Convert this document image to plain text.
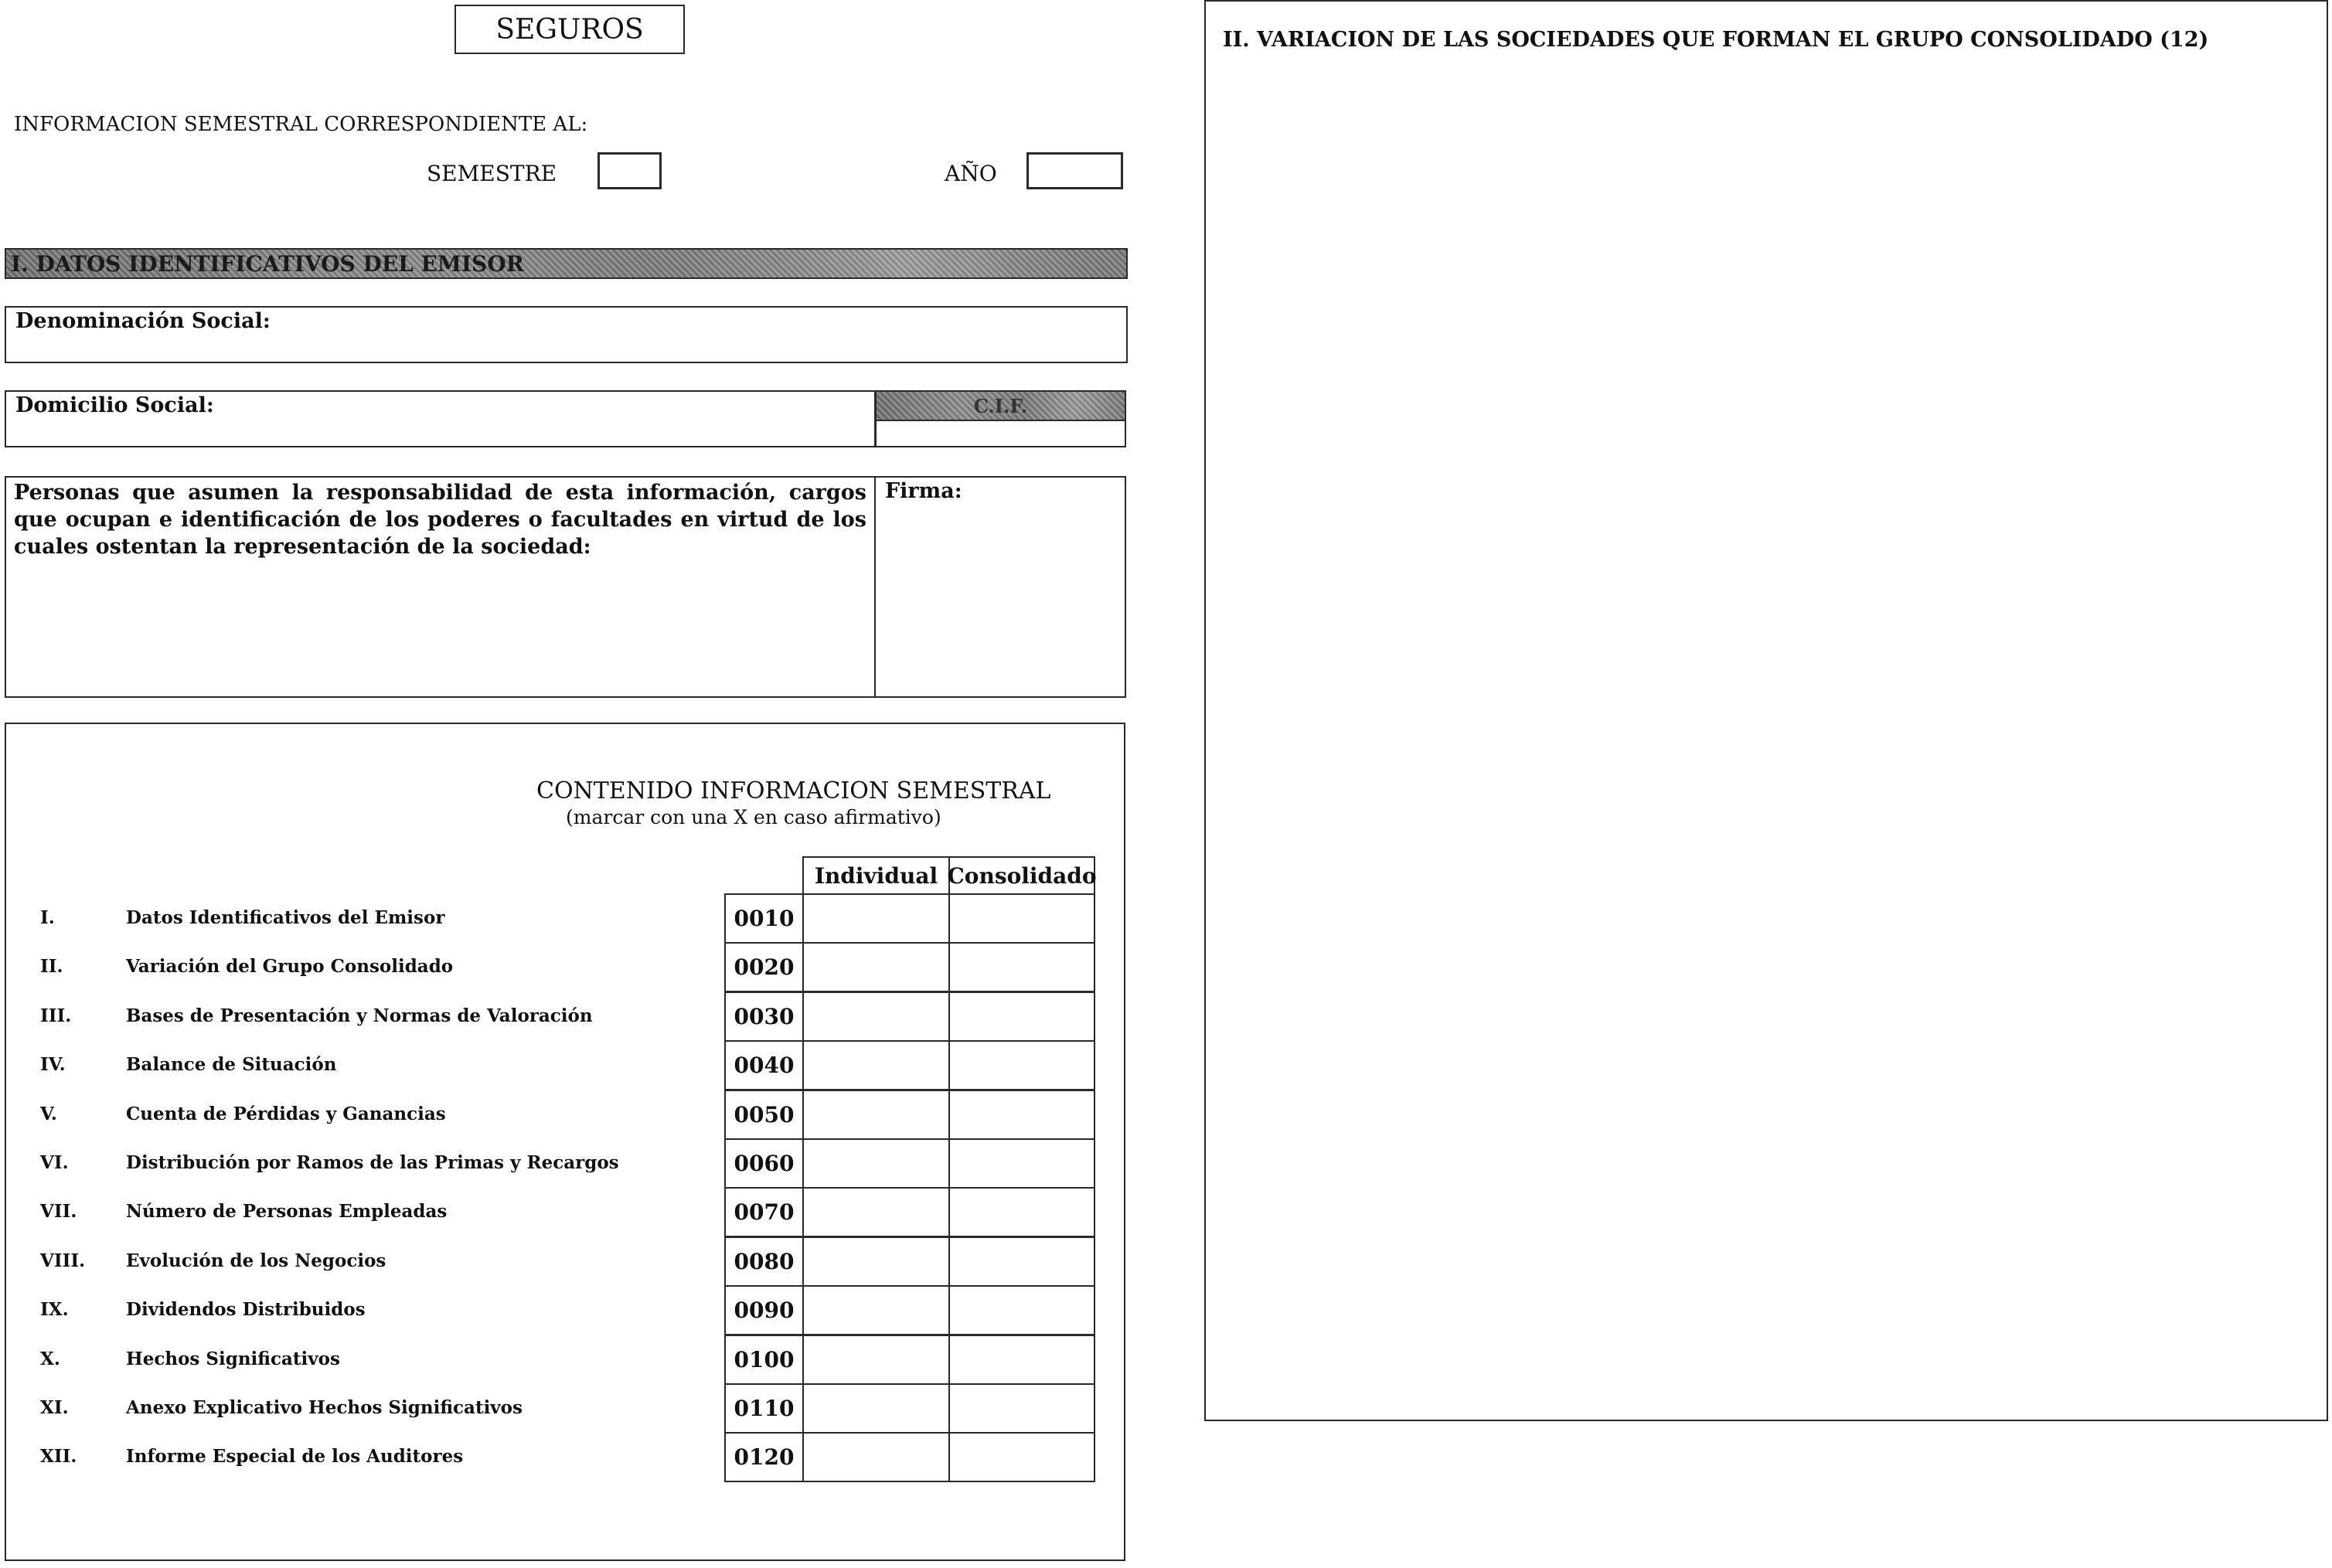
SEGUROS
INFORMACION SEMESTRAL CORRESPONDIENTE AL:
SEMESTRE	AÑO
I. DATOS IDENTIFICATIVOS DEL EMISOR
Denominación Social:
Domicilio Social:	C.I.F.
Personas que asumen la responsabilidad de esta información, cargos que ocupan e identificación de los poderes o facultades en virtud de los cuales ostentan la representación de la sociedad:
Firma:
CONTENIDO INFORMACION SEMESTRAL
(marcar con una X en caso afirmativo)
Individual Consolidado
I.	Datos Identificativos del Emisor	0010
II.	Variación del Grupo Consolidado	0020
III.	Bases de Presentación y Normas de Valoración	0030
IV.	Balance de Situación	0040
V.	Cuenta de Pérdidas y Ganancias	0050
VI.	Distribución por Ramos de las Primas y Recargos	0060
VII.	Número de Personas Empleadas	0070
VIII. Evolución de los Negocios	0080
IX.	Dividendos Distribuidos	0090
X.	Hechos Significativos	0100
XI.	Anexo Explicativo Hechos Significativos	0110
XII.	Informe Especial de los Auditores	0120
II. VARIACION DE LAS SOCIEDADES QUE FORMAN EL GRUPO CONSOLIDADO (12)
